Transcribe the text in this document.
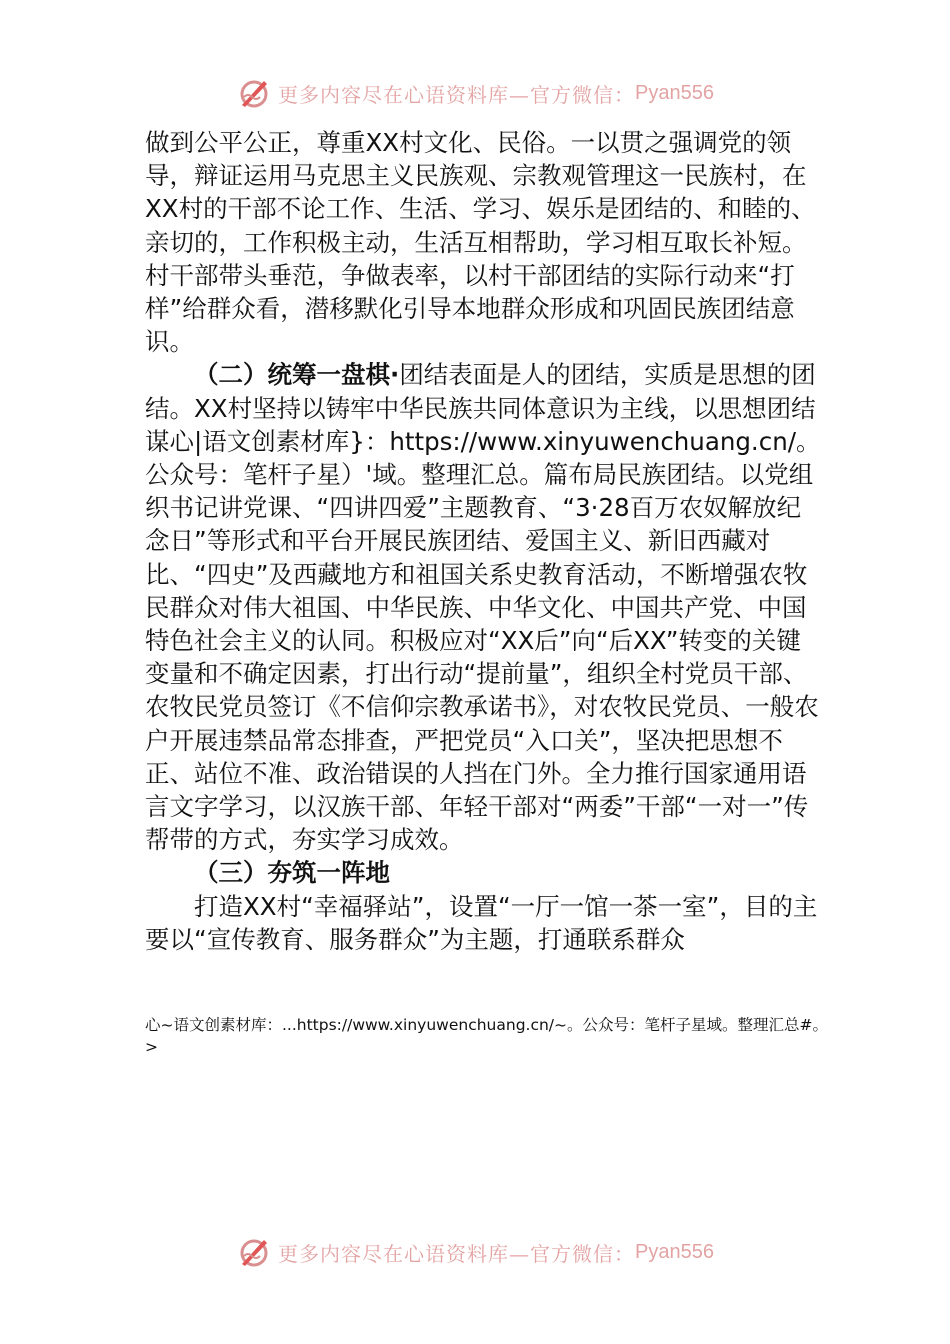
更多内容尽在心语资料库—官方微信： Pyan556

做到公平公正，尊重XX村文化、民俗。一以贯之强调党的领导，辩证运用马克思主义民族观、宗教观管理这一民族村，在XX村的干部不论工作、生活、学习、娱乐是团结的、和睦的、亲切的，工作积极主动，生活互相帮助，学习相互取长补短。村干部带头垂范，争做表率，以村干部团结的实际行动来“打样”给群众看，潜移默化引导本地群众形成和巩固民族团结意识。

（二）统筹一盘棋·团结表面是人的团结，实质是思想的团结。XX村坚持以铸牢中华民族共同体意识为主线，以思想团结谋心|语文创素材库}：https://www.xinyuwenchuang.cn/。公众号：笔杆子星）'域。整理汇总。篇布局民族团结。以党组织书记讲党课、“四讲四爱”主题教育、“3·28百万农奴解放纪念日”等形式和平台开展民族团结、爱国主义、新旧西藏对比、“四史”及西藏地方和祖国关系史教育活动，不断增强农牧民群众对伟大祖国、中华民族、中华文化、中国共产党、中国特色社会主义的认同。积极应对“XX后”向“后XX”转变的关键变量和不确定因素，打出行动“提前量”，组织全村党员干部、农牧民党员签订《不信仰宗教承诺书》，对农牧民党员、一般农户开展违禁品常态排查，严把党员“入口关”，坚决把思想不正、站位不准、政治错误的人挡在门外。全力推行国家通用语言文字学习，以汉族干部、年轻干部对“两委”干部“一对一”传帮带的方式，夯实学习成效。

（三）夯筑一阵地

打造XX村“幸福驿站”，设置“一厅一馆一茶一室”，目的主要以“宣传教育、服务群众”为主题，打通联系群众

心~语文创素材库：...https://www.xinyuwenchuang.cn/~。公众号：笔杆子星域。整理汇总#。>
更多内容尽在心语资料库—官方微信： Pyan556
